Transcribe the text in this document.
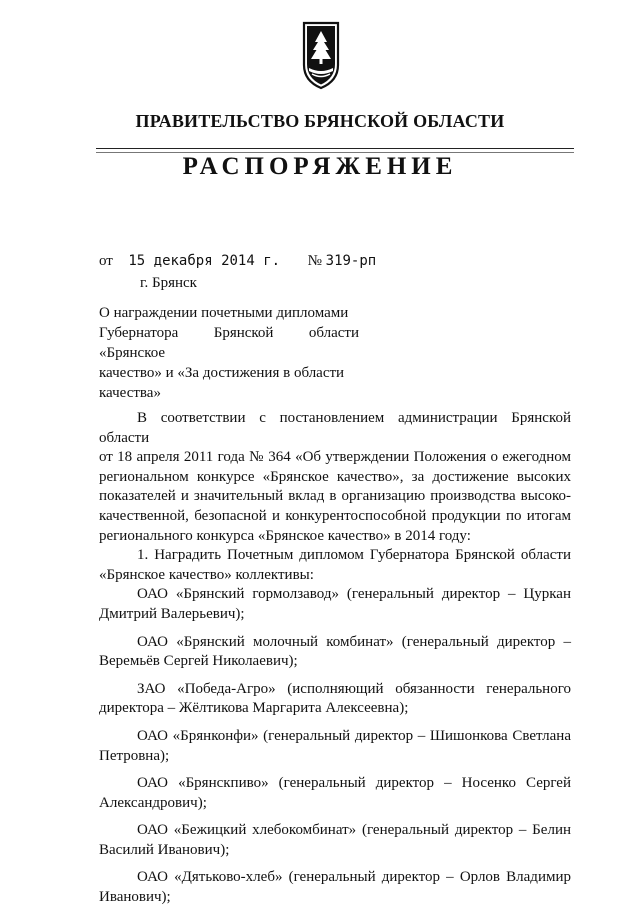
ПРАВИТЕЛЬСТВО БРЯНСКОЙ ОБЛАСТИ
РАСПОРЯЖЕНИЕ
от 15 декабря 2014 г. № 319-рп
г. Брянск
О награждении почетными дипломами
Губернатора Брянской области «Брянское
качество» и «За достижения в области
качества»

В соответствии с постановлением администрации Брянской области

от 18 апреля 2011 года № 364 «Об утверждении Положения о ежегодном

региональном конкурсе «Брянское качество», за достижение высоких

показателей и значительный вклад в организацию производства высоко-

качественной, безопасной и конкурентоспособной продукции по итогам

регионального конкурса «Брянское качество» в 2014 году:

1. Наградить Почетным дипломом Губернатора Брянской области

«Брянское качество» коллективы:

ОАО «Брянский гормолзавод» (генеральный директор – Цуркан

Дмитрий Валерьевич);

ОАО «Брянский молочный комбинат» (генеральный директор –

Веремьёв Сергей Николаевич);

ЗАО «Победа-Агро» (исполняющий обязанности генерального

директора – Жёлтикова Маргарита Алексеевна);

ОАО «Брянконфи» (генеральный директор – Шишонкова Светлана

Петровна);

ОАО «Брянскпиво» (генеральный директор – Носенко Сергей

Александрович);

ОАО «Бежицкий хлебокомбинат» (генеральный директор – Белин

Василий Иванович);

ОАО «Дятьково-хлеб» (генеральный директор – Орлов Владимир

Иванович);
